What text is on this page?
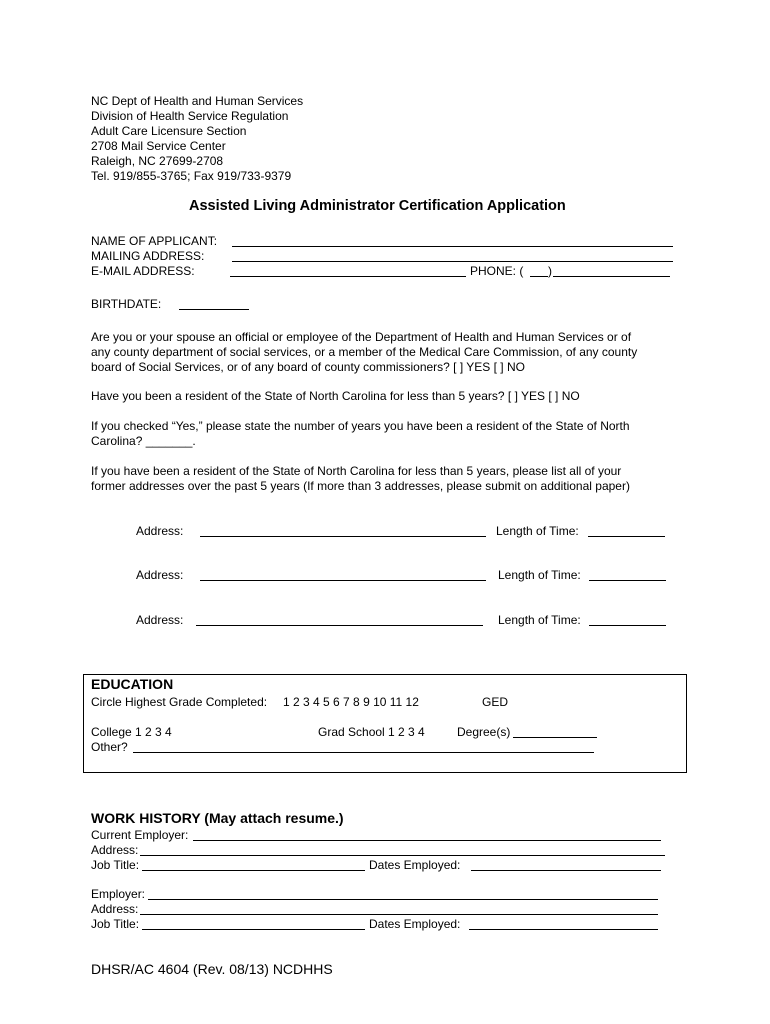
NC Dept of Health and Human Services
Division of Health Service Regulation
Adult Care Licensure Section
2708 Mail Service Center
Raleigh, NC 27699-2708
Tel. 919/855-3765; Fax 919/733-9379
Assisted Living Administrator Certification Application
NAME OF APPLICANT:
MAILING ADDRESS:
E-MAIL ADDRESS:	PHONE: ( )
BIRTHDATE:
Are you or your spouse an official or employee of the Department of Health and Human Services or of
any county department of social services, or a member of the Medical Care Commission, of any county
board of Social Services, or of any board of county commissioners? [ ] YES [ ] NO
Have you been a resident of the State of North Carolina for less than 5 years? [ ] YES [ ] NO
If you checked “Yes,” please state the number of years you have been a resident of the State of North
Carolina? _______.
If you have been a resident of the State of North Carolina for less than 5 years, please list all of your
former addresses over the past 5 years (If more than 3 addresses, please submit on additional paper)
Address:	Length of Time:
Address:	Length of Time:
Address:	Length of Time:
EDUCATION
Circle Highest Grade Completed: 1 2 3 4 5 6 7 8 9 10 11 12	GED
College 1 2 3 4	Grad School 1 2 3 4	Degree(s)
Other?
WORK HISTORY (May attach resume.)
Current Employer:
Address:
Job Title:	Dates Employed:
Employer:
Address:
Job Title:	Dates Employed:
DHSR/AC 4604 (Rev. 08/13) NCDHHS
